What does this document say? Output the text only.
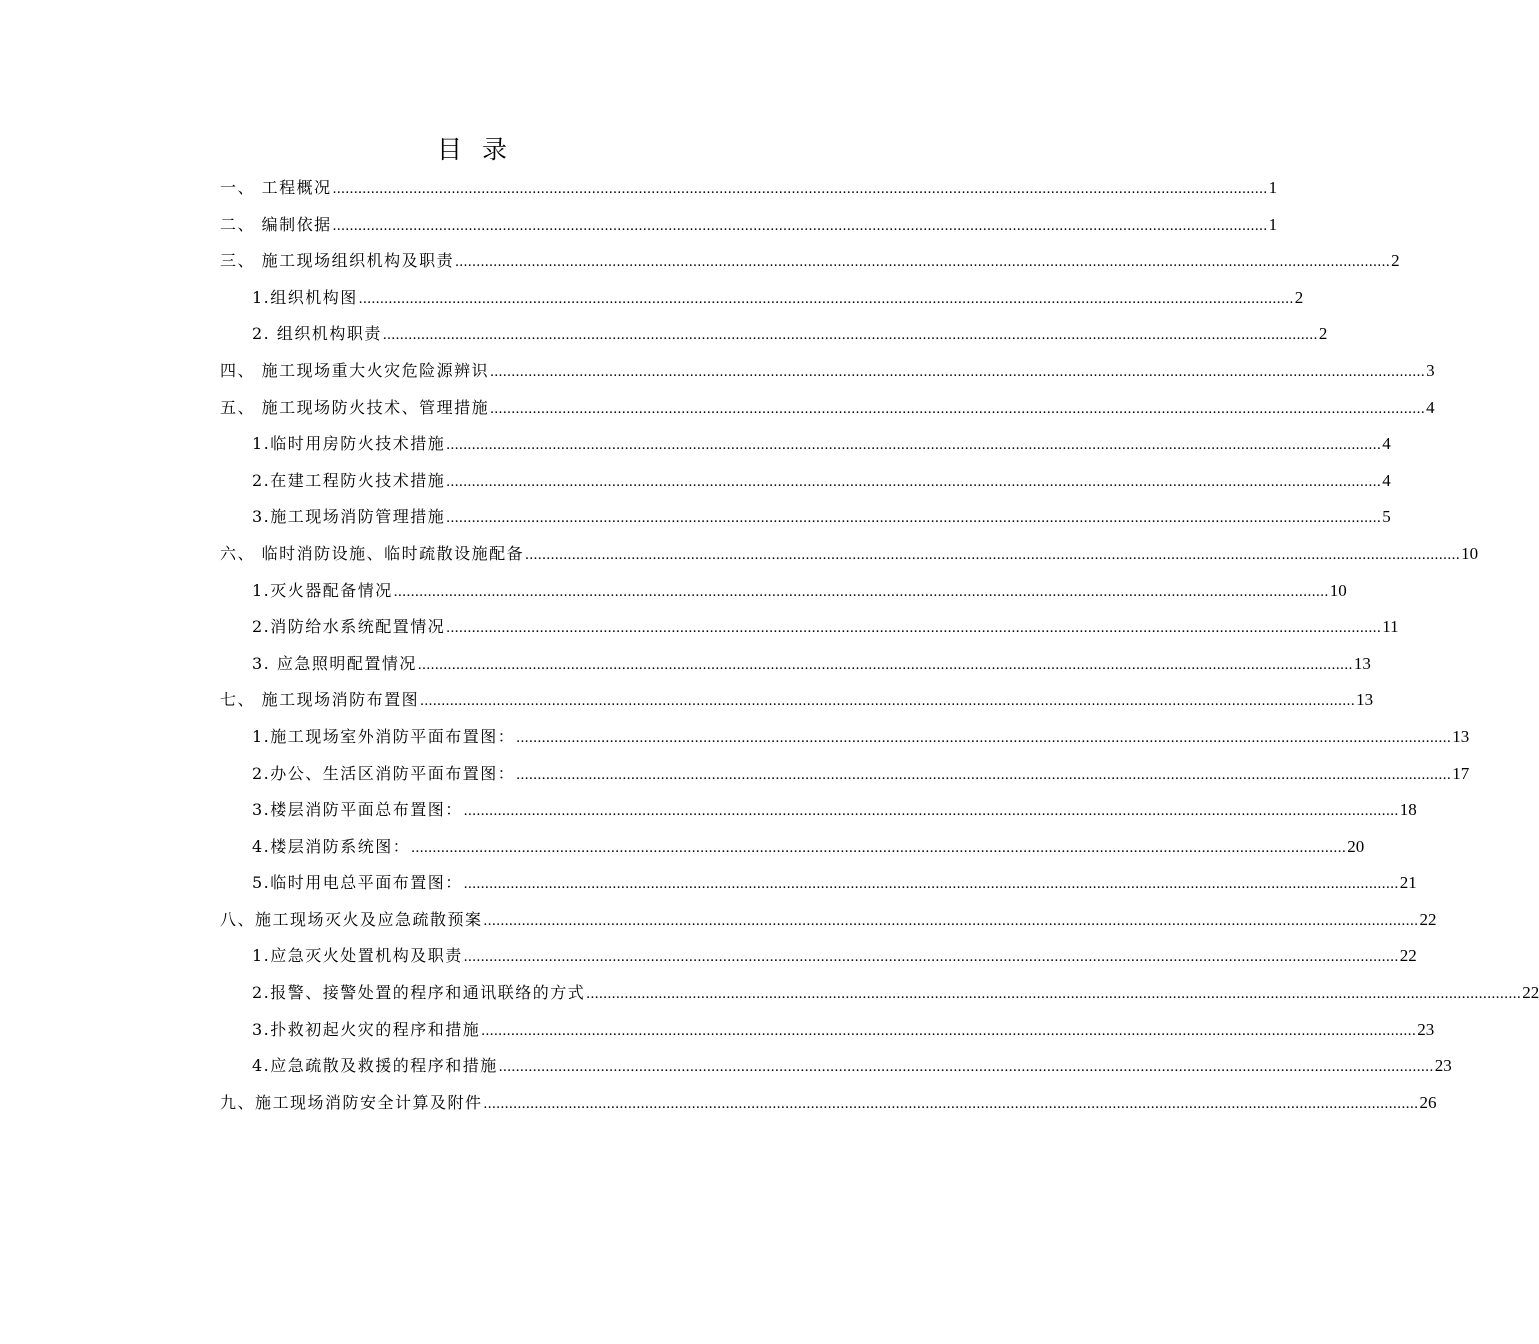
目 录
一、 工程概况 ............................................................................................................................................................................................................................ 1
二、 编制依据 ............................................................................................................................................................................................................................ 1
三、 施工现场组织机构及职责 ............................................................................................................................................................................................................................ 2
1.组织机构图 ............................................................................................................................................................................................................................ 2
2. 组织机构职责 ............................................................................................................................................................................................................................ 2
四、 施工现场重大火灾危险源辨识 ............................................................................................................................................................................................................................ 3
五、 施工现场防火技术、管理措施 ............................................................................................................................................................................................................................ 4
1.临时用房防火技术措施 ............................................................................................................................................................................................................................ 4
2.在建工程防火技术措施 ............................................................................................................................................................................................................................ 4
3.施工现场消防管理措施 ............................................................................................................................................................................................................................ 5
六、 临时消防设施、临时疏散设施配备 ............................................................................................................................................................................................................................ 10
1.灭火器配备情况 ............................................................................................................................................................................................................................ 10
2.消防给水系统配置情况 ............................................................................................................................................................................................................................ 11
3. 应急照明配置情况 ............................................................................................................................................................................................................................ 13
七、 施工现场消防布置图 ............................................................................................................................................................................................................................ 13
1.施工现场室外消防平面布置图： ............................................................................................................................................................................................................................ 13
2.办公、生活区消防平面布置图： ............................................................................................................................................................................................................................ 17
3.楼层消防平面总布置图： ............................................................................................................................................................................................................................ 18
4.楼层消防系统图： ............................................................................................................................................................................................................................ 20
5.临时用电总平面布置图： ............................................................................................................................................................................................................................ 21
八、施工现场灭火及应急疏散预案 ............................................................................................................................................................................................................................ 22
1.应急灭火处置机构及职责 ............................................................................................................................................................................................................................ 22
2.报警、接警处置的程序和通讯联络的方式 ............................................................................................................................................................................................................................ 22
3.扑救初起火灾的程序和措施 ............................................................................................................................................................................................................................ 23
4.应急疏散及救援的程序和措施 ............................................................................................................................................................................................................................ 23
九、施工现场消防安全计算及附件 ............................................................................................................................................................................................................................ 26
